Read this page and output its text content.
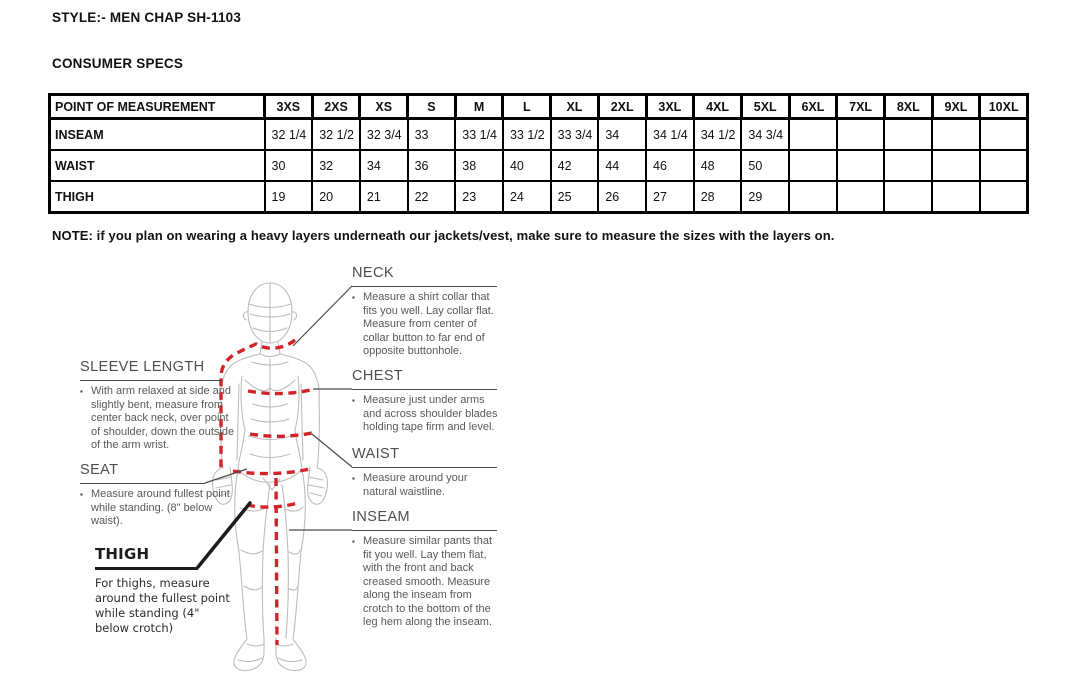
STYLE:- MEN CHAP SH-1103
CONSUMER SPECS
POINT OF MEASUREMENT	3XS	2XS	XS	S	M	L	XL	2XL	3XL	4XL	5XL	6XL	7XL	8XL	9XL	10XL
INSEAM	32 1/4	32 1/2	32 3/4	33	33 1/4	33 1/2	33 3/4	34	34 1/4	34 1/2	34 3/4					
WAIST	30	32	34	36	38	40	42	44	46	48	50					
THIGH	19	20	21	22	23	24	25	26	27	28	29					
NOTE: if you plan on wearing a heavy layers underneath our jackets/vest, make sure to measure the sizes with the layers on.
NECK
▪ Measure a shirt collar that fits you well. Lay collar flat. Measure from center of collar button to far end of opposite buttonhole.
CHEST
▪ Measure just under arms and across shoulder blades holding tape firm and level.
WAIST
▪ Measure around your natural waistline.
INSEAM
▪ Measure similar pants that fit you well. Lay them flat, with the front and back creased smooth. Measure along the inseam from crotch to the bottom of the leg hem along the inseam.
SLEEVE LENGTH
▪ With arm relaxed at side and slightly bent, measure from center back neck, over point of shoulder, down the outside of the arm wrist.
SEAT
▪ Measure around fullest point while standing. (8" below waist).
THIGH
For thighs, measure around the fullest point while standing (4" below crotch)
